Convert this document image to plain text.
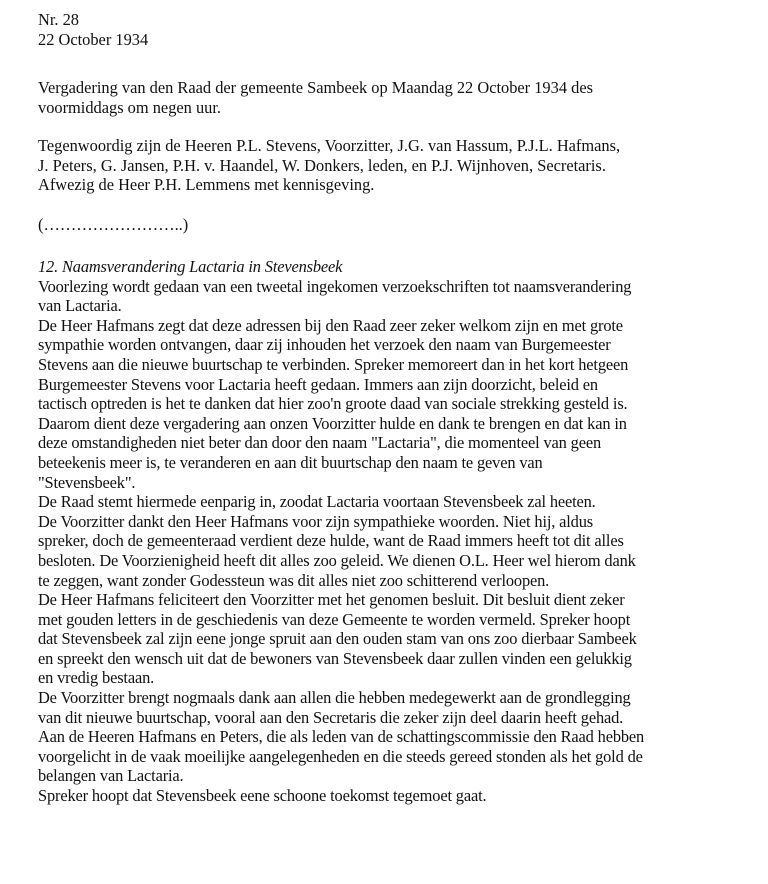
Nr. 28
22 October 1934
Vergadering van den Raad der gemeente Sambeek op Maandag 22 October 1934 des
voormiddags om negen uur.
Tegenwoordig zijn de Heeren P.L. Stevens, Voorzitter, J.G. van Hassum, P.J.L. Hafmans,
J. Peters, G. Jansen, P.H. v. Haandel, W. Donkers, leden, en P.J. Wijnhoven, Secretaris.
Afwezig de Heer P.H. Lemmens met kennisgeving.
(……………………..)
12. Naamsverandering Lactaria in Stevensbeek
Voorlezing wordt gedaan van een tweetal ingekomen verzoekschriften tot naamsverandering
van Lactaria.
De Heer Hafmans zegt dat deze adressen bij den Raad zeer zeker welkom zijn en met grote
sympathie worden ontvangen, daar zij inhouden het verzoek den naam van Burgemeester
Stevens aan die nieuwe buurtschap te verbinden. Spreker memoreert dan in het kort hetgeen
Burgemeester Stevens voor Lactaria heeft gedaan. Immers aan zijn doorzicht, beleid en
tactisch optreden is het te danken dat hier zoo'n groote daad van sociale strekking gesteld is.
Daarom dient deze vergadering aan onzen Voorzitter hulde en dank te brengen en dat kan in
deze omstandigheden niet beter dan door den naam "Lactaria", die momenteel van geen
beteekenis meer is, te veranderen en aan dit buurtschap den naam te geven van
"Stevensbeek".
De Raad stemt hiermede eenparig in, zoodat Lactaria voortaan Stevensbeek zal heeten.
De Voorzitter dankt den Heer Hafmans voor zijn sympathieke woorden. Niet hij, aldus
spreker, doch de gemeenteraad verdient deze hulde, want de Raad immers heeft tot dit alles
besloten. De Voorzienigheid heeft dit alles zoo geleid. We dienen O.L. Heer wel hierom dank
te zeggen, want zonder Godessteun was dit alles niet zoo schitterend verloopen.
De Heer Hafmans feliciteert den Voorzitter met het genomen besluit. Dit besluit dient zeker
met gouden letters in de geschiedenis van deze Gemeente te worden vermeld. Spreker hoopt
dat Stevensbeek zal zijn eene jonge spruit aan den ouden stam van ons zoo dierbaar Sambeek
en spreekt den wensch uit dat de bewoners van Stevensbeek daar zullen vinden een gelukkig
en vredig bestaan.
De Voorzitter brengt nogmaals dank aan allen die hebben medegewerkt aan de grondlegging
van dit nieuwe buurtschap, vooral aan den Secretaris die zeker zijn deel daarin heeft gehad.
Aan de Heeren Hafmans en Peters, die als leden van de schattingscommissie den Raad hebben
voorgelicht in de vaak moeilijke aangelegenheden en die steeds gereed stonden als het gold de
belangen van Lactaria.
Spreker hoopt dat Stevensbeek eene schoone toekomst tegemoet gaat.
